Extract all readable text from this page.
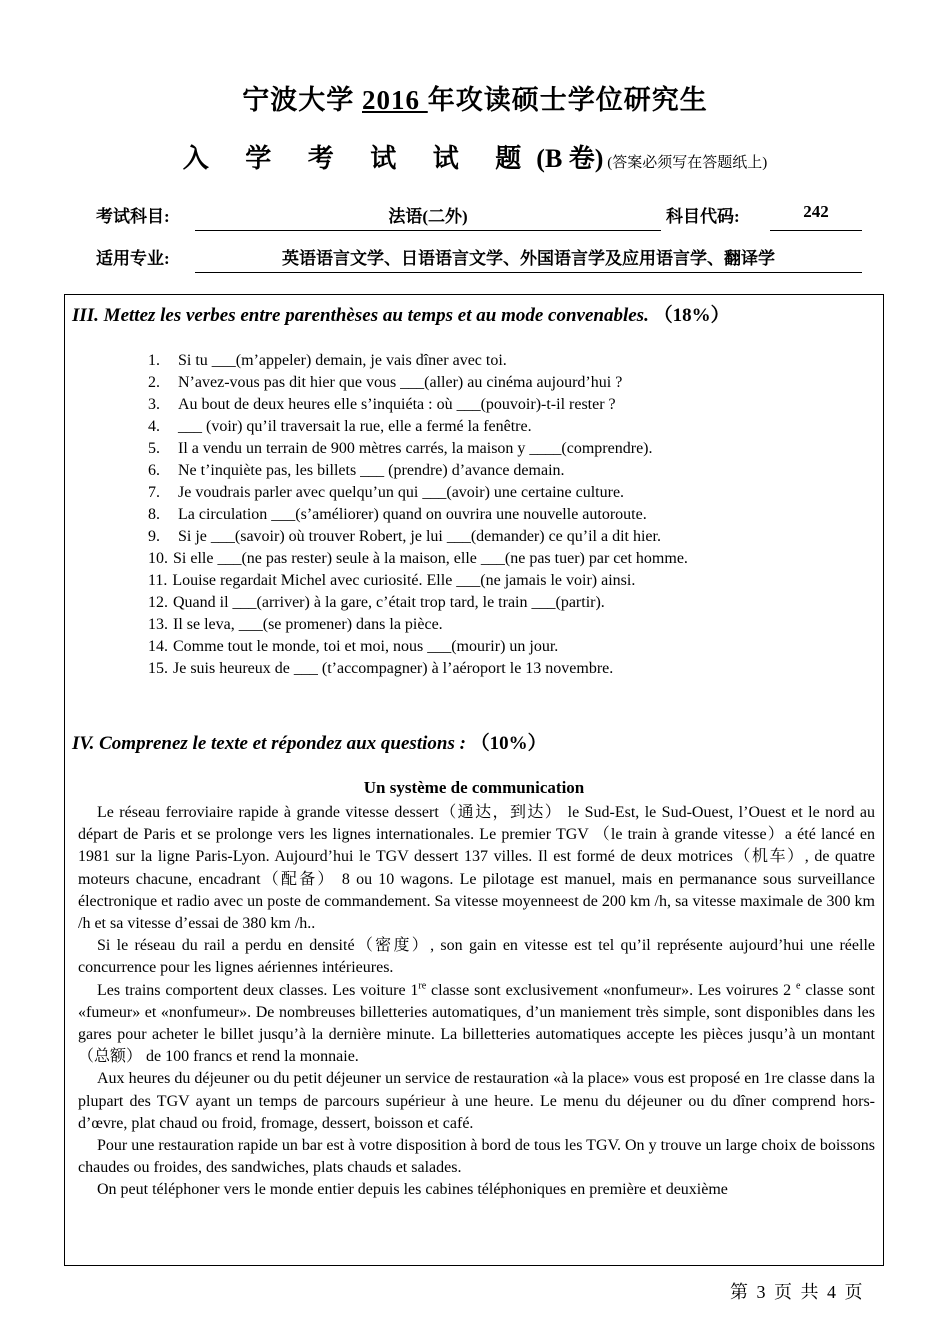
宁波大学 2016 年攻读硕士学位研究生
入 学 考 试 试 题(B 卷) (答案必须写在答题纸上)
考试科目:	法语(二外)	科目代码:	242
适用专业:	英语语言文学、日语语言文学、外国语言学及应用语言学、翻译学
III. Mettez les verbes entre parenthèses au temps et au mode convenables. （18%）
1. Si tu ___(m’appeler) demain, je vais dîner avec toi.
2. N’avez-vous pas dit hier que vous ___(aller) au cinéma aujourd’hui ?
3. Au bout de deux heures elle s’inquiéta : où ___(pouvoir)-t-il rester ?
4. ___ (voir) qu’il traversait la rue, elle a fermé la fenêtre.
5. Il a vendu un terrain de 900 mètres carrés, la maison y ____(comprendre).
6. Ne t’inquiète pas, les billets ___ (prendre) d’avance demain.
7. Je voudrais parler avec quelqu’un qui ___(avoir) une certaine culture.
8. La circulation ___(s’améliorer) quand on ouvrira une nouvelle autoroute.
9. Si je ___(savoir) où trouver Robert, je lui ___(demander) ce qu’il a dit hier.
10. Si elle ___(ne pas rester) seule à la maison, elle ___(ne pas tuer) par cet homme.
11. Louise regardait Michel avec curiosité. Elle ___(ne jamais le voir) ainsi.
12. Quand il ___(arriver) à la gare, c’était trop tard, le train ___(partir).
13. Il se leva, ___(se promener) dans la pièce.
14. Comme tout le monde, toi et moi, nous ___(mourir) un jour.
15. Je suis heureux de ___ (t’accompagner) à l’aéroport le 13 novembre.
IV. Comprenez le texte et répondez aux questions : （10%）
Un système de communication

Le réseau ferroviaire rapide à grande vitesse dessert（通达，到达） le Sud-Est, le Sud-Ouest, l’Ouest et le nord au départ de Paris et se prolonge vers les lignes internationales. Le premier TGV （le train à grande vitesse）a été lancé en 1981 sur la ligne Paris-Lyon. Aujourd’hui le TGV dessert 137 villes. Il est formé de deux motrices（机车）, de quatre moteurs chacune, encadrant（配备） 8 ou 10 wagons. Le pilotage est manuel, mais en permanance sous surveillance électronique et radio avec un poste de commandement. Sa vitesse moyenneest de 200 km /h, sa vitesse maximale de 300 km /h et sa vitesse d’essai de 380 km /h..

Si le réseau du rail a perdu en densité（密度）, son gain en vitesse est tel qu’il représente aujourd’hui une réelle concurrence pour les lignes aériennes intérieures.

Les trains comportent deux classes. Les voiture 1re classe sont exclusivement «nonfumeur». Les voirures 2 $^e$ classe sont «fumeur» et «nonfumeur». De nombreuses billetteries automatiques, d’un maniement très simple, sont disponibles dans les gares pour acheter le billet jusqu’à la dernière minute. La billetteries automatiques accepte les pièces jusqu’à un montant（总额） de 100 francs et rend la monnaie.

Aux heures du déjeuner ou du petit déjeuner un service de restauration «à la place» vous est proposé en 1re classe dans la plupart des TGV ayant un temps de parcours supérieur à une heure. Le menu du déjeuner ou du dîner comprend hors-d’œvre, plat chaud ou froid, fromage, dessert, boisson et café.

Pour une restauration rapide un bar est à votre disposition à bord de tous les TGV. On y trouve un large choix de boissons chaudes ou froides, des sandwiches, plats chauds et salades.

On peut téléphoner vers le monde entier depuis les cabines téléphoniques en première et deuxième

第 3 页 共 4 页
